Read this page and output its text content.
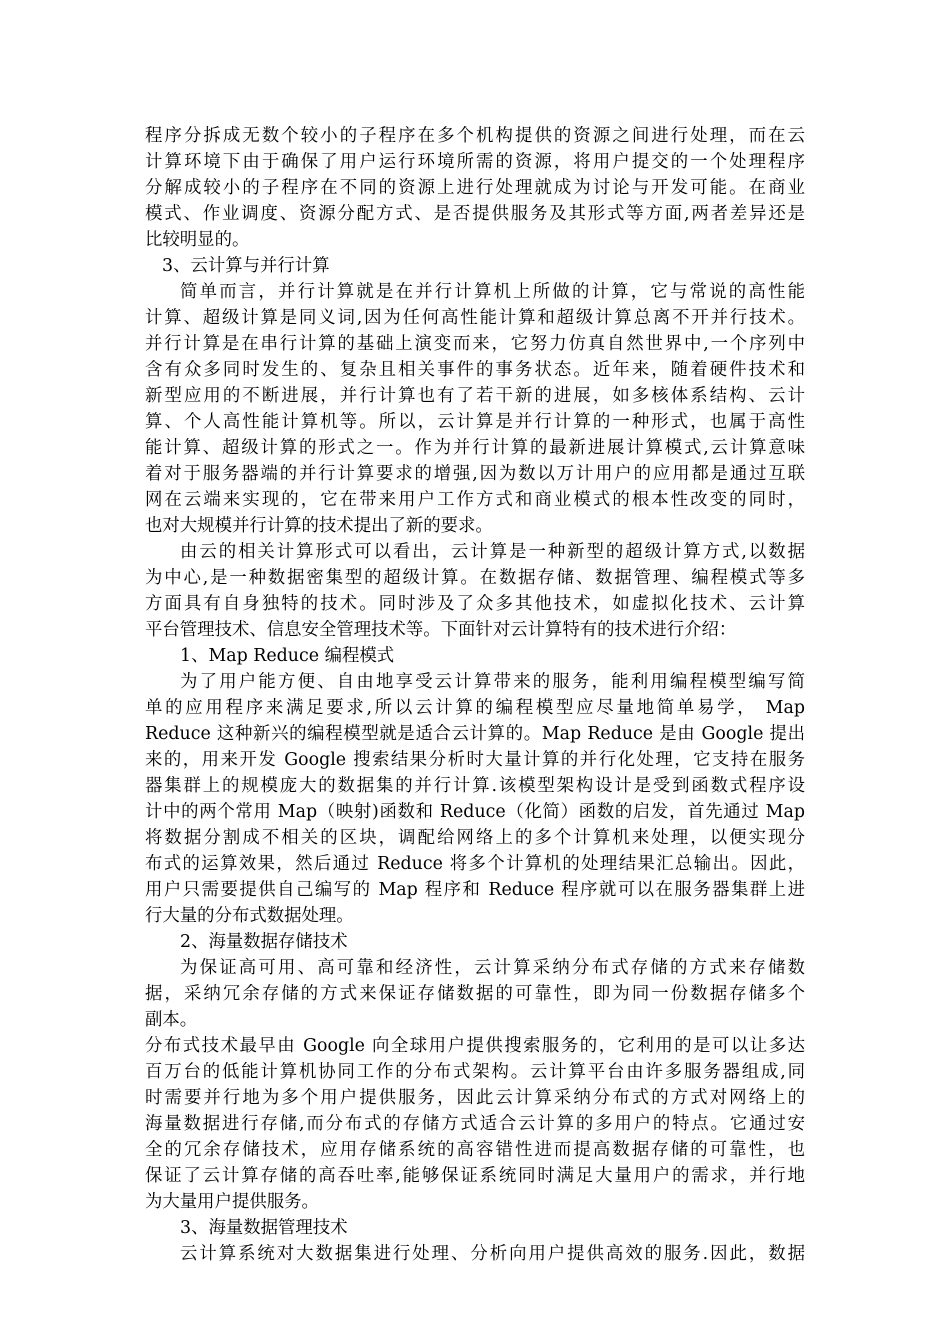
程序分拆成无数个较小的子程序在多个机构提供的资源之间进行处理，而在云
计算环境下由于确保了用户运行环境所需的资源，将用户提交的一个处理程序
分解成较小的子程序在不同的资源上进行处理就成为讨论与开发可能。在商业
模式、作业调度、资源分配方式、是否提供服务及其形式等方面,两者差异还是
比较明显的。
3、云计算与并行计算
简单而言，并行计算就是在并行计算机上所做的计算，它与常说的高性能
计算、超级计算是同义词,因为任何高性能计算和超级计算总离不开并行技术。
并行计算是在串行计算的基础上演变而来，它努力仿真自然世界中,一个序列中
含有众多同时发生的、复杂且相关事件的事务状态。近年来，随着硬件技术和
新型应用的不断进展，并行计算也有了若干新的进展，如多核体系结构、云计
算、个人高性能计算机等。所以，云计算是并行计算的一种形式，也属于高性
能计算、超级计算的形式之一。作为并行计算的最新进展计算模式,云计算意味
着对于服务器端的并行计算要求的增强,因为数以万计用户的应用都是通过互联
网在云端来实现的，它在带来用户工作方式和商业模式的根本性改变的同时，
也对大规模并行计算的技术提出了新的要求。
由云的相关计算形式可以看出，云计算是一种新型的超级计算方式,以数据
为中心,是一种数据密集型的超级计算。在数据存储、数据管理、编程模式等多
方面具有自身独特的技术。同时涉及了众多其他技术，如虚拟化技术、云计算
平台管理技术、信息安全管理技术等。下面针对云计算特有的技术进行介绍：
1、Map Reduce 编程模式
为了用户能方便、自由地享受云计算带来的服务，能利用编程模型编写简
单的应用程序来满足要求,所以云计算的编程模型应尽量地简单易学， Map
Reduce 这种新兴的编程模型就是适合云计算的。Map Reduce 是由 Google 提出
来的，用来开发 Google 搜索结果分析时大量计算的并行化处理，它支持在服务
器集群上的规模庞大的数据集的并行计算.该模型架构设计是受到函数式程序设
计中的两个常用 Map（映射)函数和 Reduce（化简）函数的启发，首先通过 Map
将数据分割成不相关的区块，调配给网络上的多个计算机来处理，以便实现分
布式的运算效果，然后通过 Reduce 将多个计算机的处理结果汇总输出。因此，
用户只需要提供自己编写的 Map 程序和 Reduce 程序就可以在服务器集群上进
行大量的分布式数据处理。
2、海量数据存储技术
为保证高可用、高可靠和经济性，云计算采纳分布式存储的方式来存储数
据，采纳冗余存储的方式来保证存储数据的可靠性，即为同一份数据存储多个
副本。
分布式技术最早由 Google 向全球用户提供搜索服务的，它利用的是可以让多达
百万台的低能计算机协同工作的分布式架构。云计算平台由许多服务器组成,同
时需要并行地为多个用户提供服务，因此云计算采纳分布式的方式对网络上的
海量数据进行存储,而分布式的存储方式适合云计算的多用户的特点。它通过安
全的冗余存储技术，应用存储系统的高容错性进而提高数据存储的可靠性，也
保证了云计算存储的高吞吐率,能够保证系统同时满足大量用户的需求，并行地
为大量用户提供服务。
3、海量数据管理技术
云计算系统对大数据集进行处理、分析向用户提供高效的服务.因此，数据
